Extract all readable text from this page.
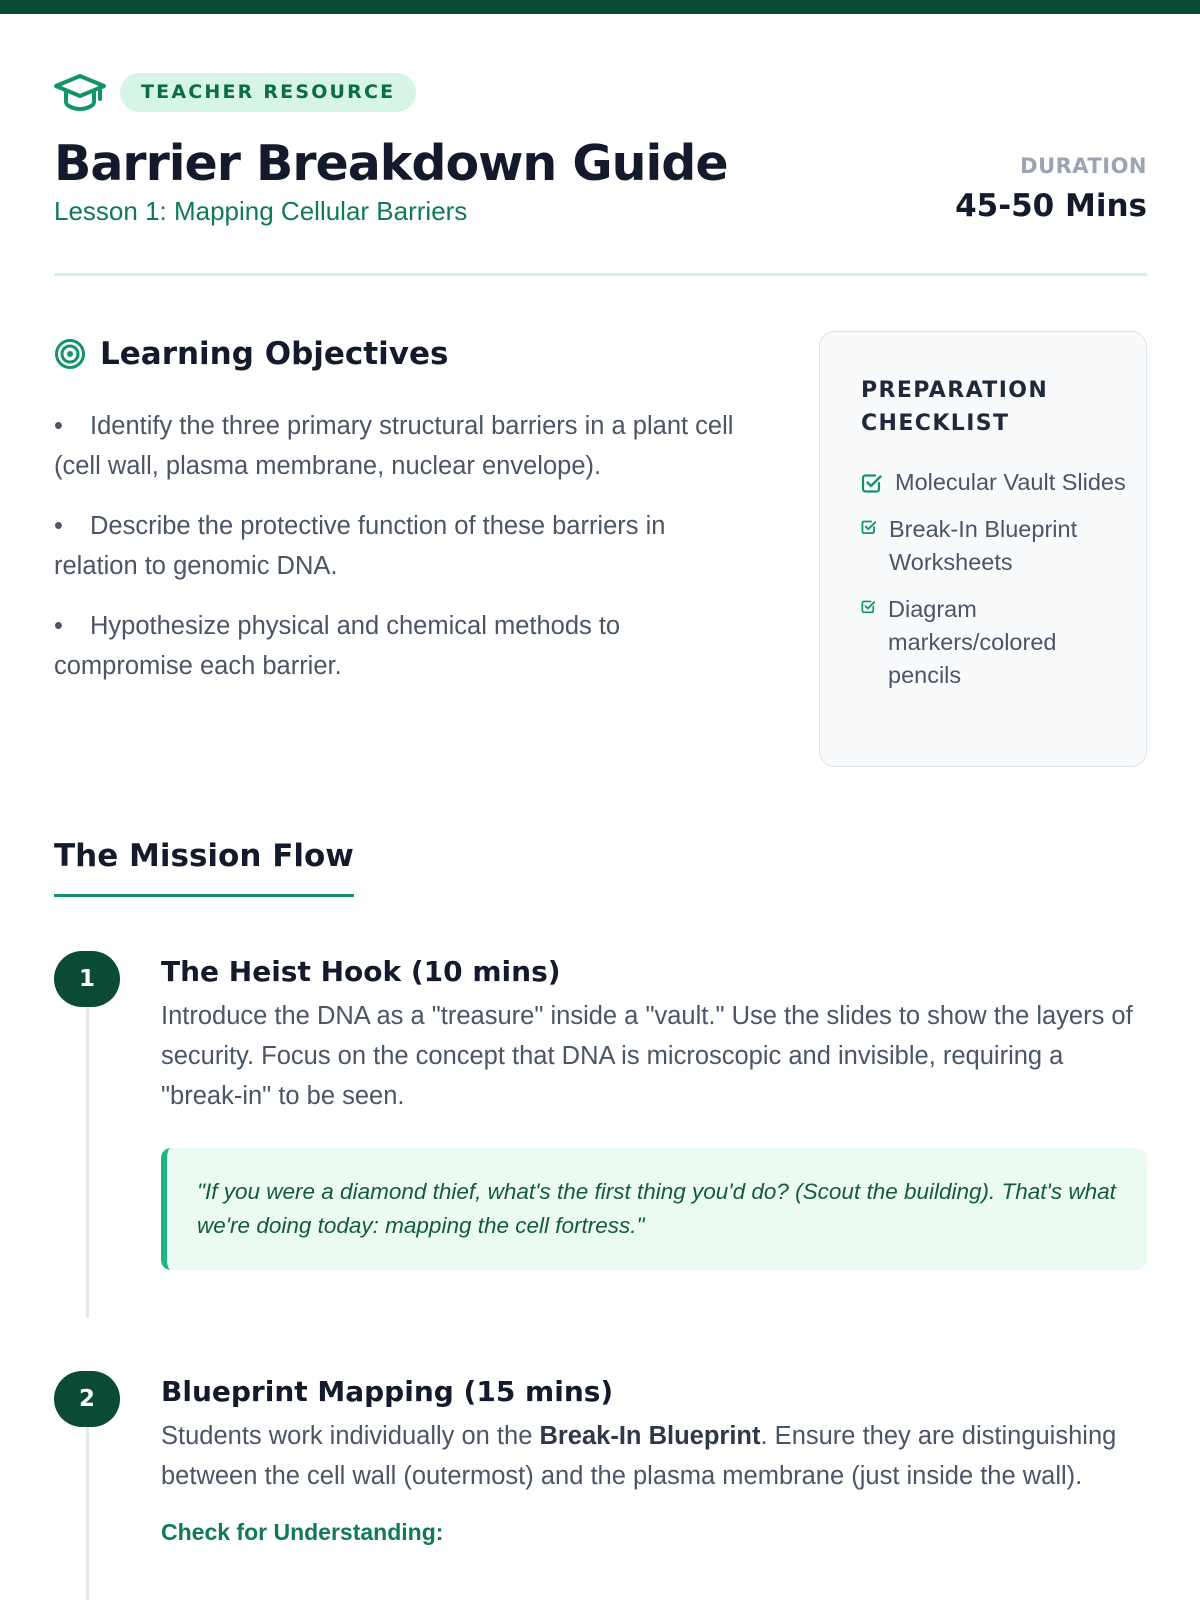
TEACHER RESOURCE
Barrier Breakdown Guide
Lesson 1: Mapping Cellular Barriers
DURATION
45-50 Mins
Learning Objectives
• Identify the three primary structural barriers in a plant cell (cell wall, plasma membrane, nuclear envelope).
• Describe the protective function of these barriers in relation to genomic DNA.
• Hypothesize physical and chemical methods to compromise each barrier.
PREPARATION CHECKLIST
Molecular Vault Slides
Break-In Blueprint Worksheets
Diagram markers/colored pencils
The Mission Flow
1	The Heist Hook (10 mins)

Introduce the DNA as a "treasure" inside a "vault." Use the slides to show the layers of security. Focus on the concept that DNA is microscopic and invisible, requiring a "break-in" to be seen.

"If you were a diamond thief, what's the first thing you'd do? (Scout the building). That's what we're doing today: mapping the cell fortress."
2	Blueprint Mapping (15 mins)

Students work individually on the Break-In Blueprint. Ensure they are distinguishing between the cell wall (outermost) and the plasma membrane (just inside the wall).

Check for Understanding:
